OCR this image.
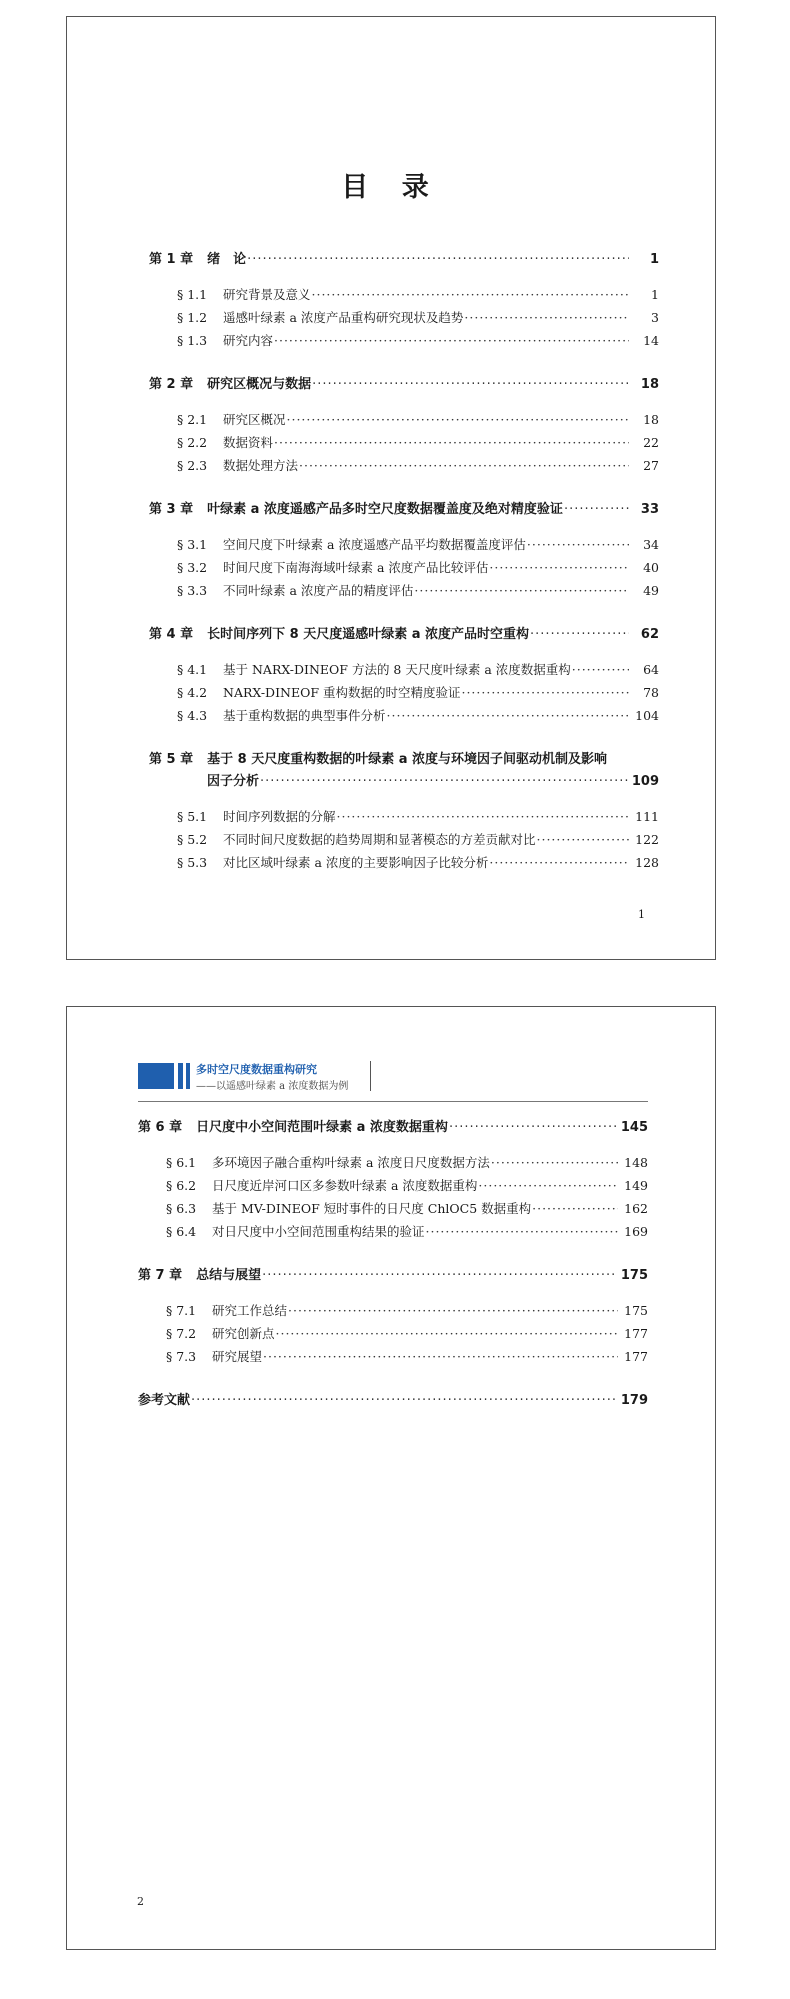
目 录
第 1 章 绪　论 ·····	1
§ 1.1	研究背景及意义 ·····	1
§ 1.2	遥感叶绿素 a 浓度产品重构研究现状及趋势 ·····	3
§ 1.3	研究内容 ·····	14
第 2 章 研究区概况与数据 ·····	18
§ 2.1	研究区概况 ·····	18
§ 2.2	数据资料 ·····	22
§ 2.3	数据处理方法 ·····	27
第 3 章 叶绿素 a 浓度遥感产品多时空尺度数据覆盖度及绝对精度验证 ·····	33
§ 3.1	空间尺度下叶绿素 a 浓度遥感产品平均数据覆盖度评估 ·····	34
§ 3.2	时间尺度下南海海域叶绿素 a 浓度产品比较评估 ·····	40
§ 3.3	不同叶绿素 a 浓度产品的精度评估 ·····	49
第 4 章 长时间序列下 8 天尺度遥感叶绿素 a 浓度产品时空重构 ·····	62
§ 4.1	基于 NARX-DINEOF 方法的 8 天尺度叶绿素 a 浓度数据重构 ·····	64
§ 4.2	NARX-DINEOF 重构数据的时空精度验证 ·····	78
§ 4.3	基于重构数据的典型事件分析 ·····	104
第 5 章 基于 8 天尺度重构数据的叶绿素 a 浓度与环境因子间驱动机制及影响
因子分析 ·····	109
§ 5.1	时间序列数据的分解 ·····	111
§ 5.2	不同时间尺度数据的趋势周期和显著模态的方差贡献对比 ·····	122
§ 5.3	对比区域叶绿素 a 浓度的主要影响因子比较分析 ·····	128
1
多时空尺度数据重构研究
——以遥感叶绿素 a 浓度数据为例
第 6 章 日尺度中小空间范围叶绿素 a 浓度数据重构 ·····	145
§ 6.1	多环境因子融合重构叶绿素 a 浓度日尺度数据方法 ·····	148
§ 6.2	日尺度近岸河口区多参数叶绿素 a 浓度数据重构 ·····	149
§ 6.3	基于 MV-DINEOF 短时事件的日尺度 ChlOC5 数据重构 ·····	162
§ 6.4	对日尺度中小空间范围重构结果的验证 ·····	169
第 7 章 总结与展望 ·····	175
§ 7.1	研究工作总结 ·····	175
§ 7.2	研究创新点 ·····	177
§ 7.3	研究展望 ·····	177
参考文献 ·····	179
2
